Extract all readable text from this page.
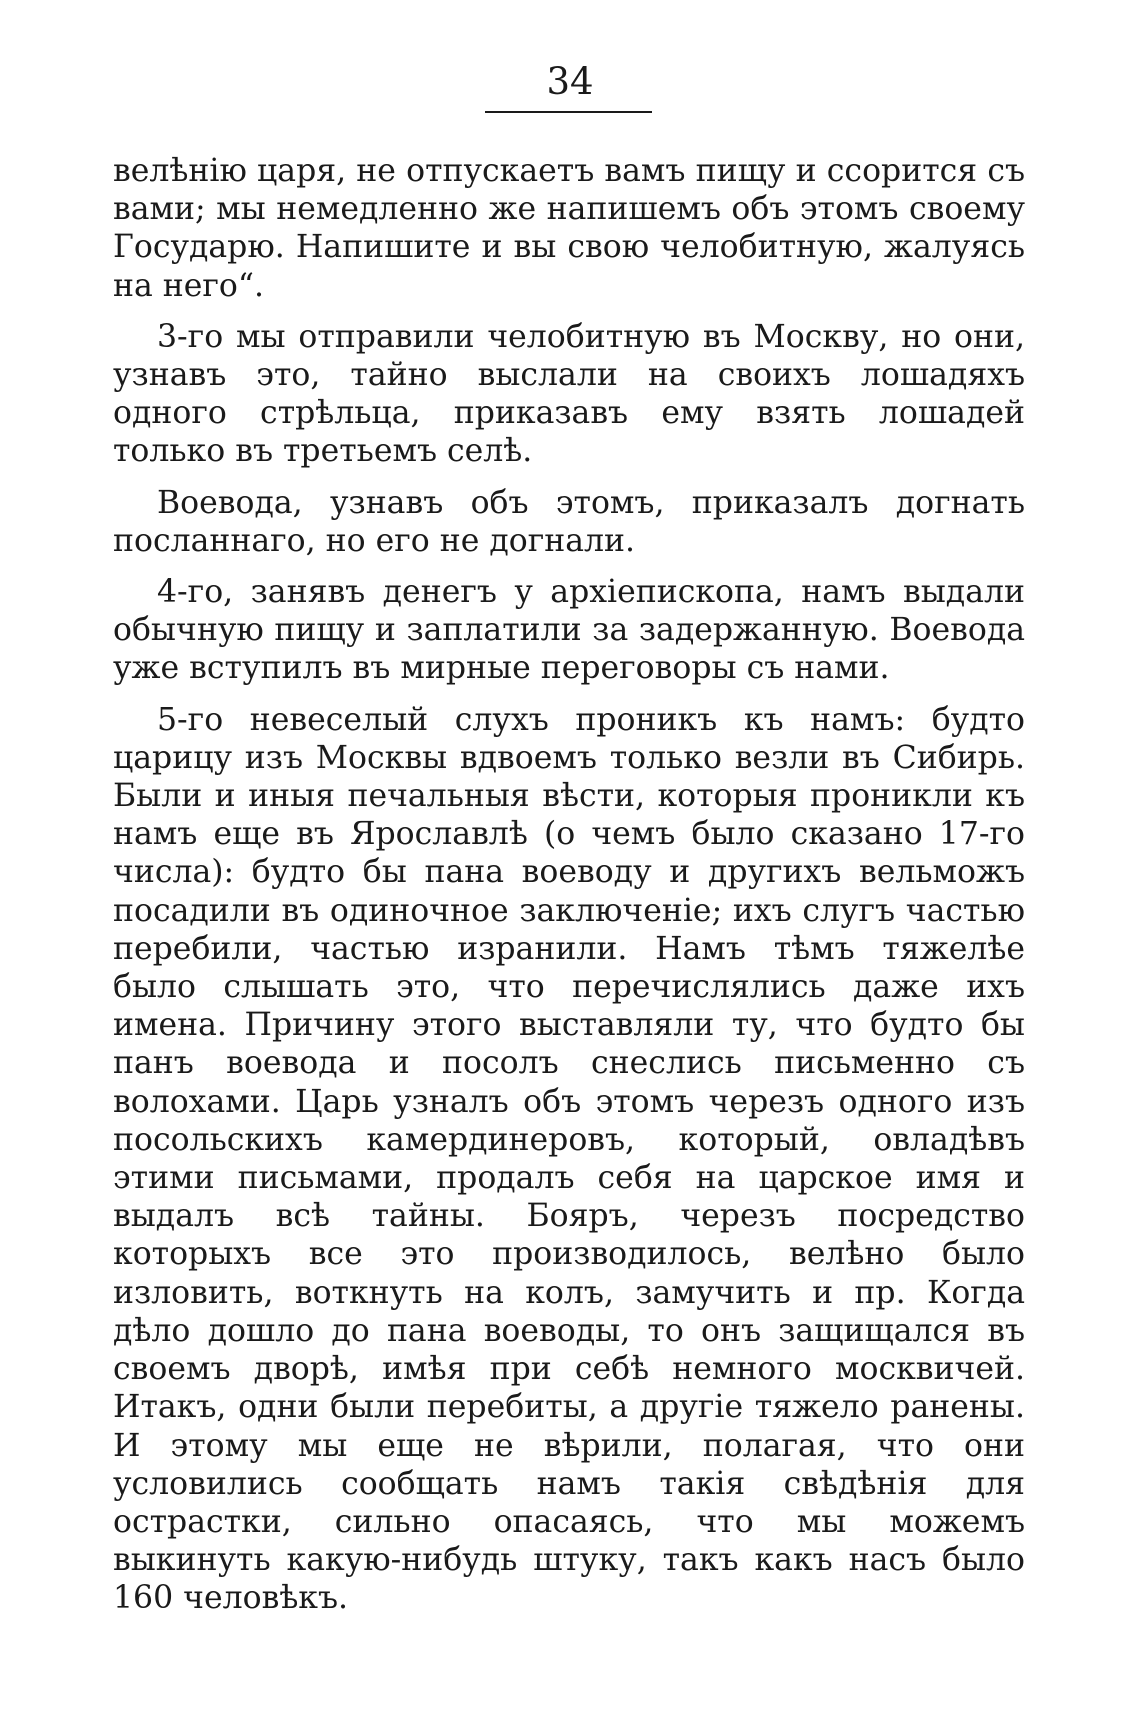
34

велѣнію царя, не отпускаетъ вамъ пищу и ссорится съ вами; мы немедленно же напишемъ объ этомъ своему Государю. Напишите и вы свою челобитную, жалуясь на него“.

3-го мы отправили челобитную въ Москву, но они, узнавъ это, тайно выслали на своихъ лошадяхъ одного стрѣльца, приказавъ ему взять лошадей только въ третьемъ селѣ.

Воевода, узнавъ объ этомъ, приказалъ догнать посланнаго, но его не догнали.

4-го, занявъ денегъ у архіепископа, намъ выдали обычную пищу и заплатили за задержанную. Воевода уже вступилъ въ мирные переговоры съ нами.

5-го невеселый слухъ проникъ къ намъ: будто царицу изъ Москвы вдвоемъ только везли въ Сибирь. Были и иныя печальныя вѣсти, которыя проникли къ намъ еще въ Ярославлѣ (о чемъ было сказано 17-го числа): будто бы пана воеводу и другихъ вельможъ посадили въ одиночное заключеніе; ихъ слугъ частью перебили, частью изранили. Намъ тѣмъ тяжелѣе было слышать это, что перечислялись даже ихъ имена. Причину этого выставляли ту, что будто бы панъ воевода и посолъ снеслись письменно съ волохами. Царь узналъ объ этомъ черезъ одного изъ посольскихъ камердинеровъ, который, овладѣвъ этими письмами, продалъ себя на царское имя и выдалъ всѣ тайны. Бояръ, черезъ посредство которыхъ все это производилось, велѣно было изловить, воткнуть на колъ, замучить и пр. Когда дѣло дошло до пана воеводы, то онъ защищался въ своемъ дворѣ, имѣя при себѣ немного москвичей. Итакъ, одни были перебиты, а другіе тяжело ранены. И этому мы еще не вѣрили, полагая, что они условились сообщать намъ такія свѣдѣнія для острастки, сильно опасаясь, что мы можемъ выкинуть какую-нибудь штуку, такъ какъ насъ было 160 человѣкъ.
